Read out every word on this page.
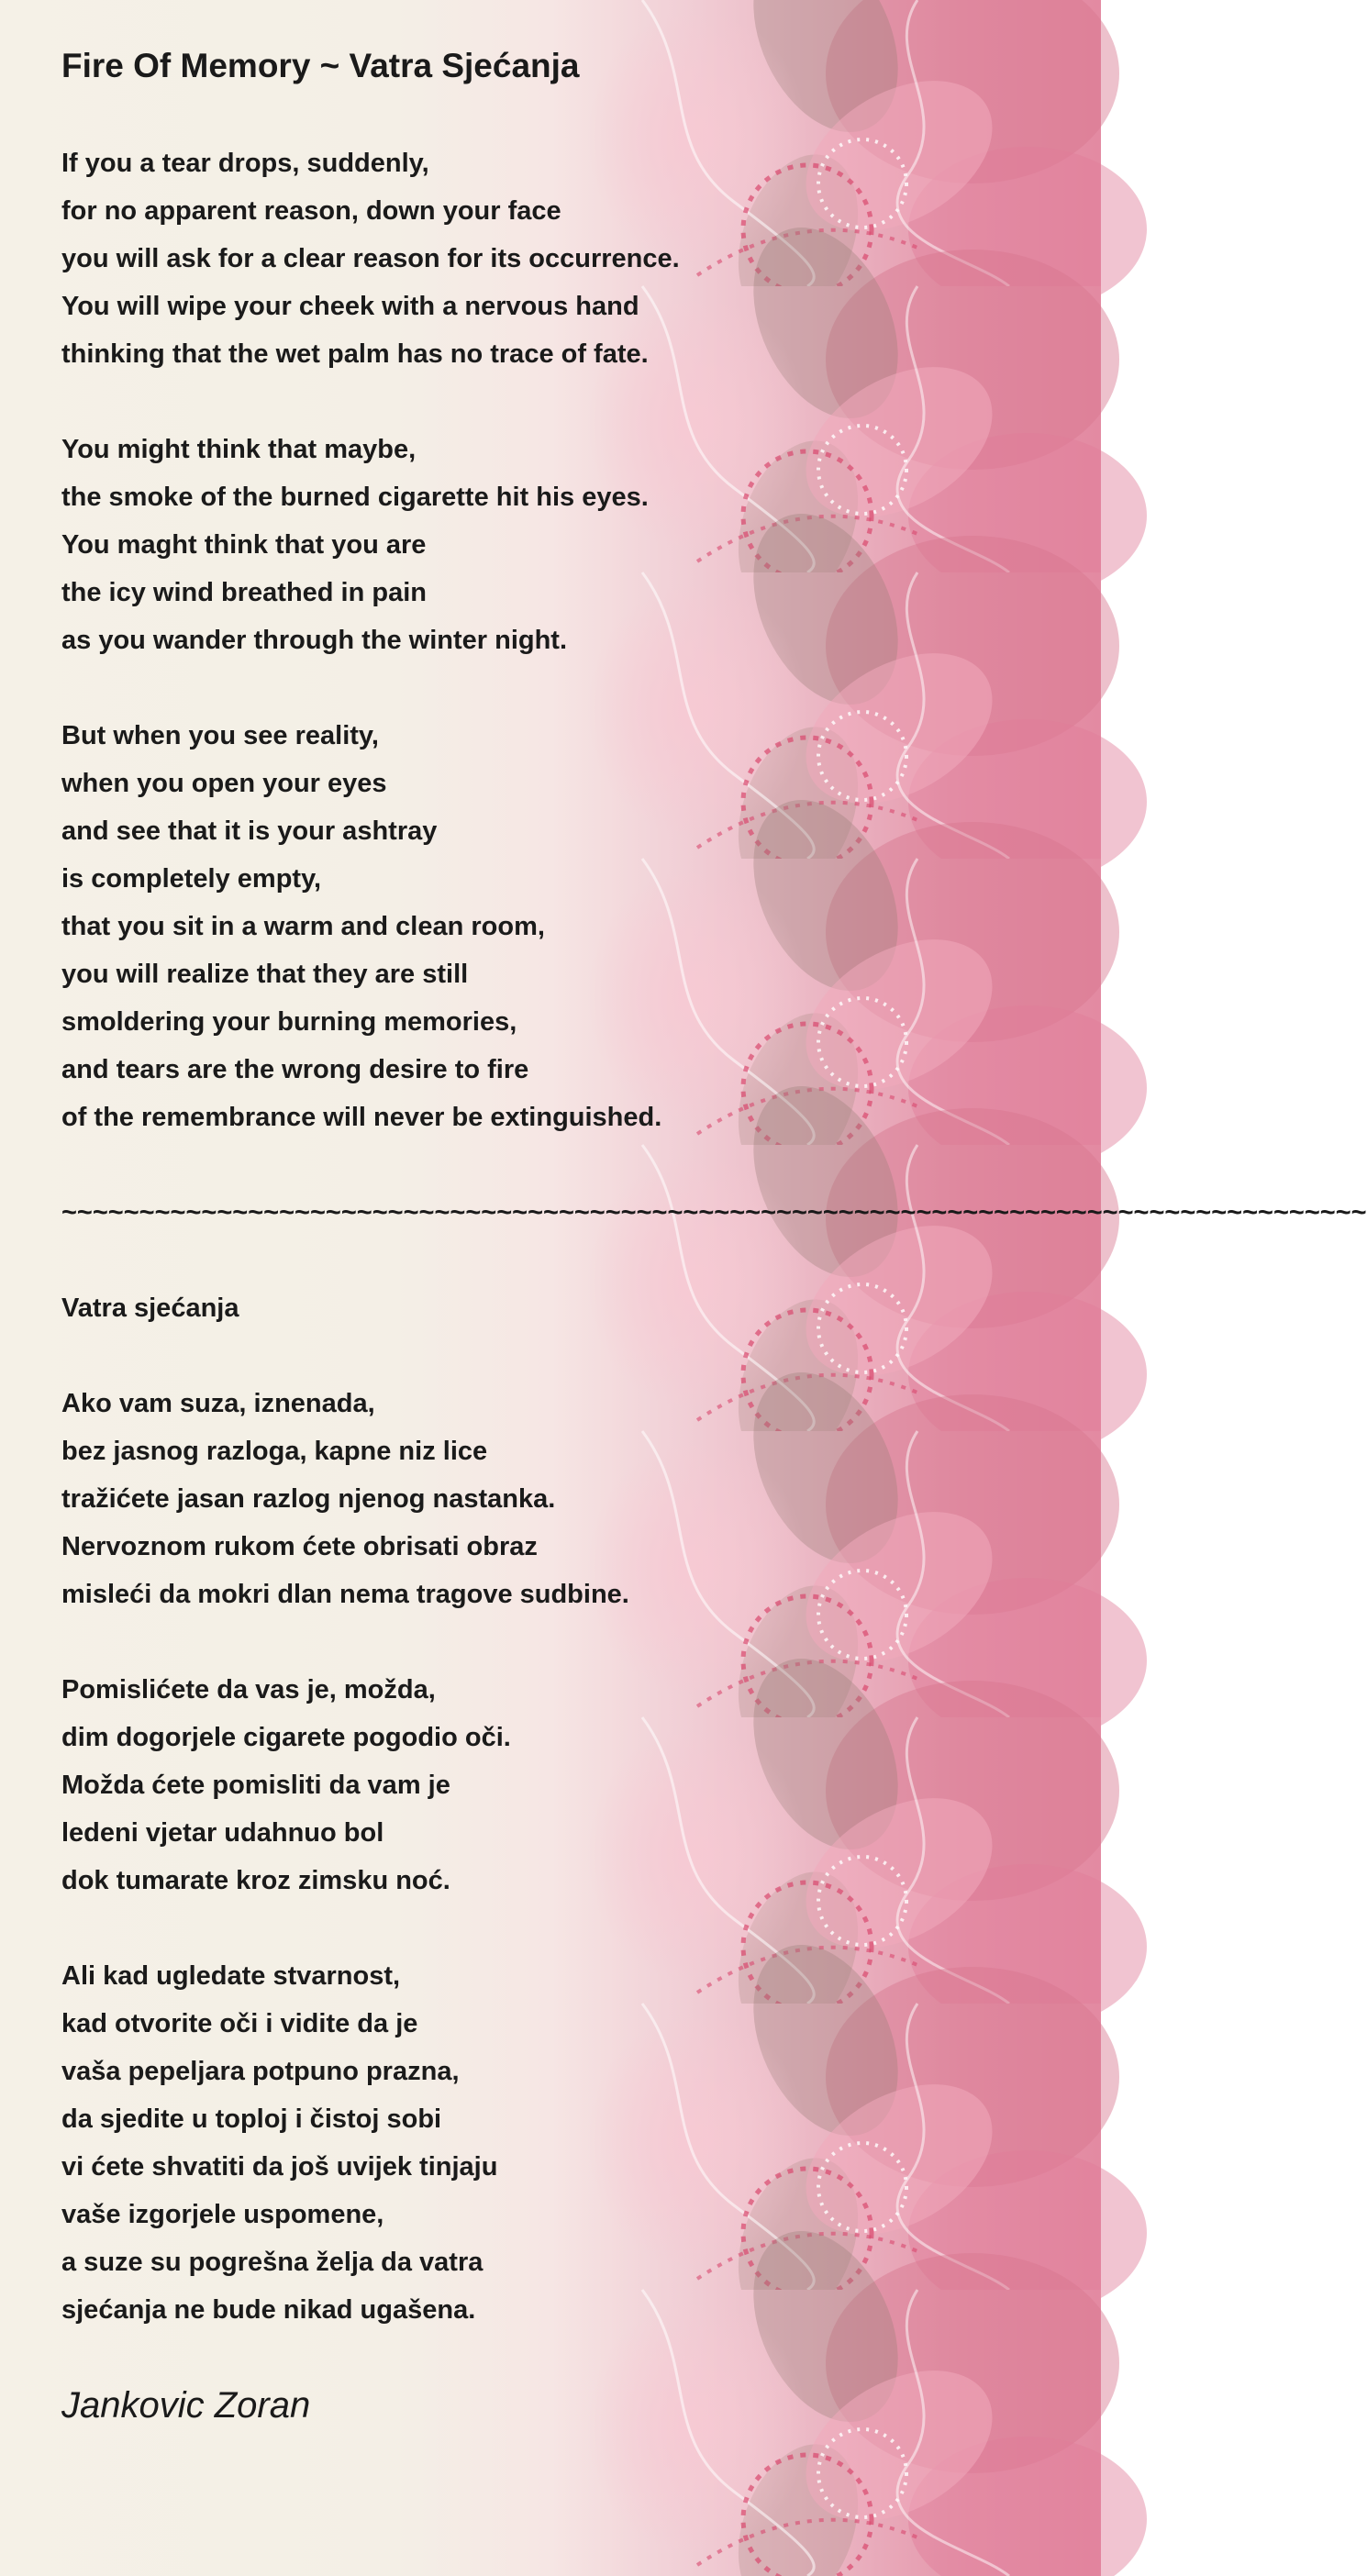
Fire Of Memory ~ Vatra Sjećanja
If you a tear drops, suddenly,
for no apparent reason, down your face
you will ask for a clear reason for its occurrence.
You will wipe your cheek with a nervous hand
thinking that the wet palm has no trace of fate.
You might think that maybe,
the smoke of the burned cigarette hit his eyes.
You maght think that you are
the icy wind breathed in pain
as you wander through the winter night.
But when you see reality,
when you open your eyes
and see that it is your ashtray
is completely empty,
that you sit in a warm and clean room,
you will realize that they are still
smoldering your burning memories,
and tears are the wrong desire to fire
of the remembrance will never be extinguished.
~~~~~~~~~~~~~~~~~~~~~~~~~~~~~~~~~~~~~~~~~~~~~~~~~~~~~~~~~~~~~~~~~~~~~~~~~~~~~~~~~~~~
Vatra sjećanja
Ako vam suza, iznenada,
bez jasnog razloga, kapne niz lice
tražićete jasan razlog njenog nastanka.
Nervoznom rukom ćete obrisati obraz
misleći da mokri dlan nema tragove sudbine.
Pomislićete da vas je, možda,
dim dogorjele cigarete pogodio oči.
Možda ćete pomisliti da vam je
ledeni vjetar udahnuo bol
dok tumarate kroz zimsku noć.
Ali kad ugledate stvarnost,
kad otvorite oči i vidite da je
vaša pepeljara potpuno prazna,
da sjedite u toploj i čistoj sobi
vi ćete shvatiti da još uvijek tinjaju
vaše izgorjele uspomene,
a suze su pogrešna želja da vatra
sjećanja ne bude nikad ugašena.
Jankovic Zoran
